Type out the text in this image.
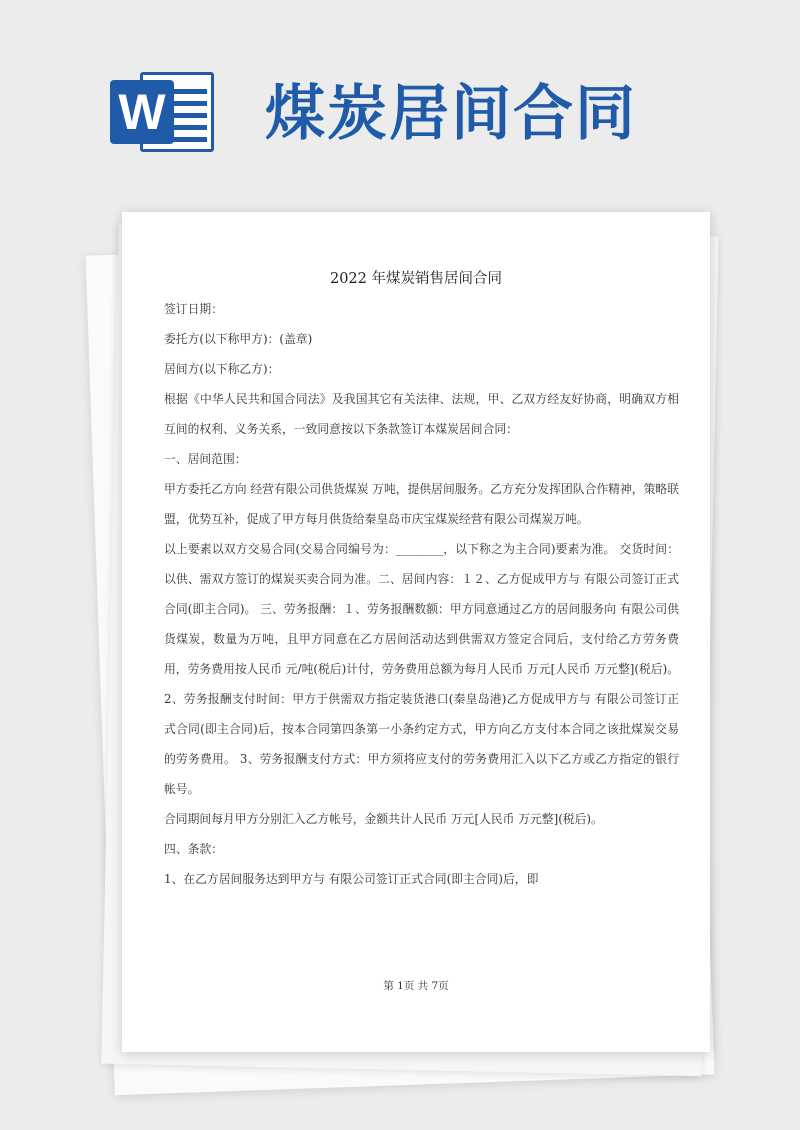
W 煤炭居间合同
2022 年煤炭销售居间合同

签订日期：

委托方(以下称甲方)：(盖章)

居间方(以下称乙方)：

根据《中华人民共和国合同法》及我国其它有关法律、法规，甲、乙双方经友好协商，明确双方相互间的权利、义务关系，一致同意按以下条款签订本煤炭居间合同：

一、居间范围：

甲方委托乙方向 经营有限公司供货煤炭 万吨，提供居间服务。乙方充分发挥团队合作精神，策略联盟，优势互补，促成了甲方每月供货给秦皇岛市庆宝煤炭经营有限公司煤炭万吨。

以上要素以双方交易合同(交易合同编号为：________，以下称之为主合同)要素为准。 交货时间：以供、需双方签订的煤炭买卖合同为准。二、居间内容：１２、乙方促成甲方与 有限公司签订正式合同(即主合同)。 三、劳务报酬：１、劳务报酬数额：甲方同意通过乙方的居间服务向 有限公司供货煤炭，数量为万吨，且甲方同意在乙方居间活动达到供需双方签定合同后，支付给乙方劳务费用，劳务费用按人民币 元/吨(税后)计付，劳务费用总额为每月人民币 万元[人民币 万元整](税后)。 2、劳务报酬支付时间：甲方于供需双方指定装货港口(秦皇岛港)乙方促成甲方与 有限公司签订正式合同(即主合同)后，按本合同第四条第一小条约定方式，甲方向乙方支付本合同之该批煤炭交易的劳务费用。 3、劳务报酬支付方式：甲方须将应支付的劳务费用汇入以下乙方或乙方指定的银行帐号。

合同期间每月甲方分别汇入乙方帐号，金额共计人民币 万元[人民币 万元整](税后)。

四、条款：

1、在乙方居间服务达到甲方与 有限公司签订正式合同(即主合同)后，即

第 1页 共 7页
